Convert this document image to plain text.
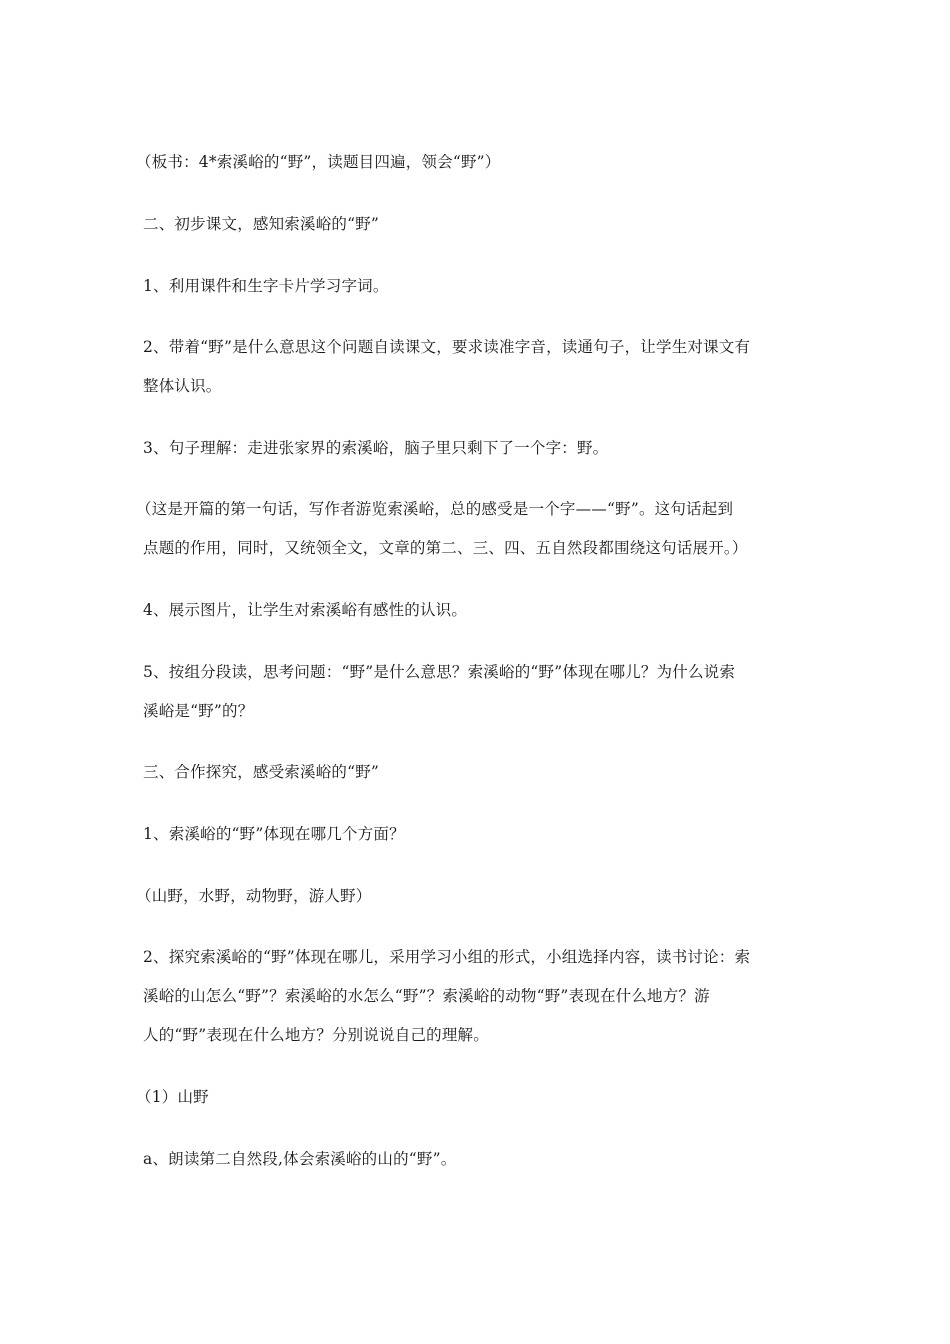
（板书：4*索溪峪的“野”，读题目四遍，领会“野”）
二、初步课文，感知索溪峪的“野”
1、利用课件和生字卡片学习字词。
2、带着“野”是什么意思这个问题自读课文，要求读准字音，读通句子，让学生对课文有
整体认识。
3、句子理解：走进张家界的索溪峪，脑子里只剩下了一个字：野。
（这是开篇的第一句话，写作者游览索溪峪，总的感受是一个字——“野”。这句话起到
点题的作用，同时，又统领全文，文章的第二、三、四、五自然段都围绕这句话展开。）
4、展示图片，让学生对索溪峪有感性的认识。
5、按组分段读，思考问题：“野”是什么意思？索溪峪的“野”体现在哪儿？为什么说索
溪峪是“野”的？
三、合作探究，感受索溪峪的“野”
1、索溪峪的“野”体现在哪几个方面？
（山野，水野，动物野，游人野）
2、探究索溪峪的“野”体现在哪儿，采用学习小组的形式，小组选择内容，读书讨论：索
溪峪的山怎么“野”？索溪峪的水怎么“野”？索溪峪的动物“野”表现在什么地方？游
人的“野”表现在什么地方？分别说说自己的理解。
（1）山野
a、朗读第二自然段,体会索溪峪的山的“野”。
